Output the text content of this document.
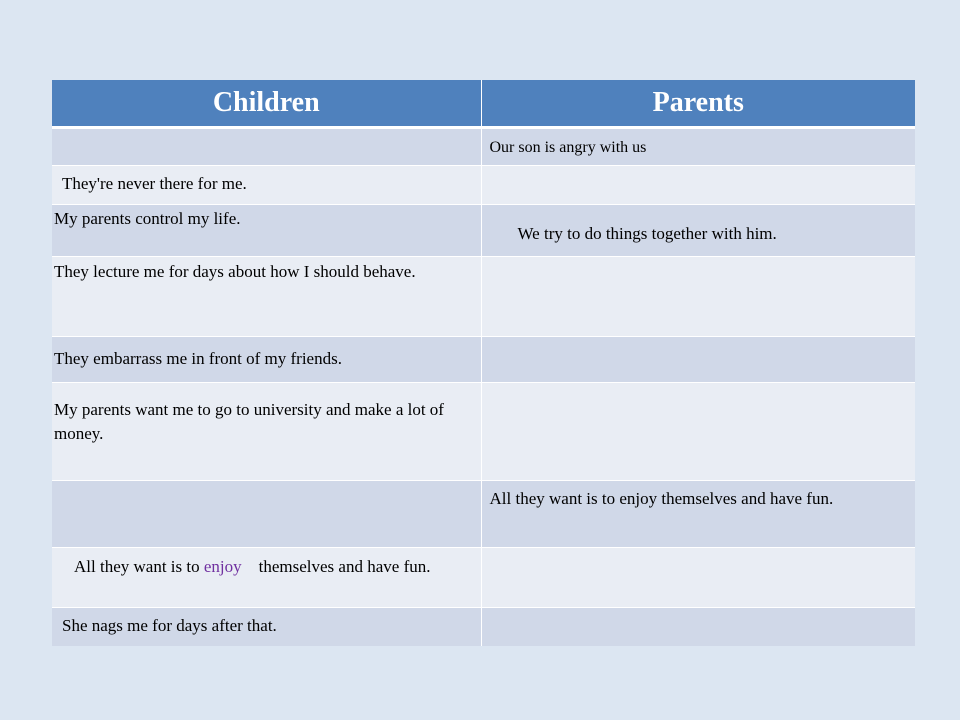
Children	Parents

	Our son is angry with us

They're never there for me.	

My parents control my life.	We try to do things together with him.

They lecture me for days about how I should behave.	

They embarrass me in front of my friends.	

My parents want me to go to university and make a lot of money.	

	All they want is to enjoy themselves and have fun.

All they want is to enjoy themselves and have fun.	

She nags me for days after that.	
